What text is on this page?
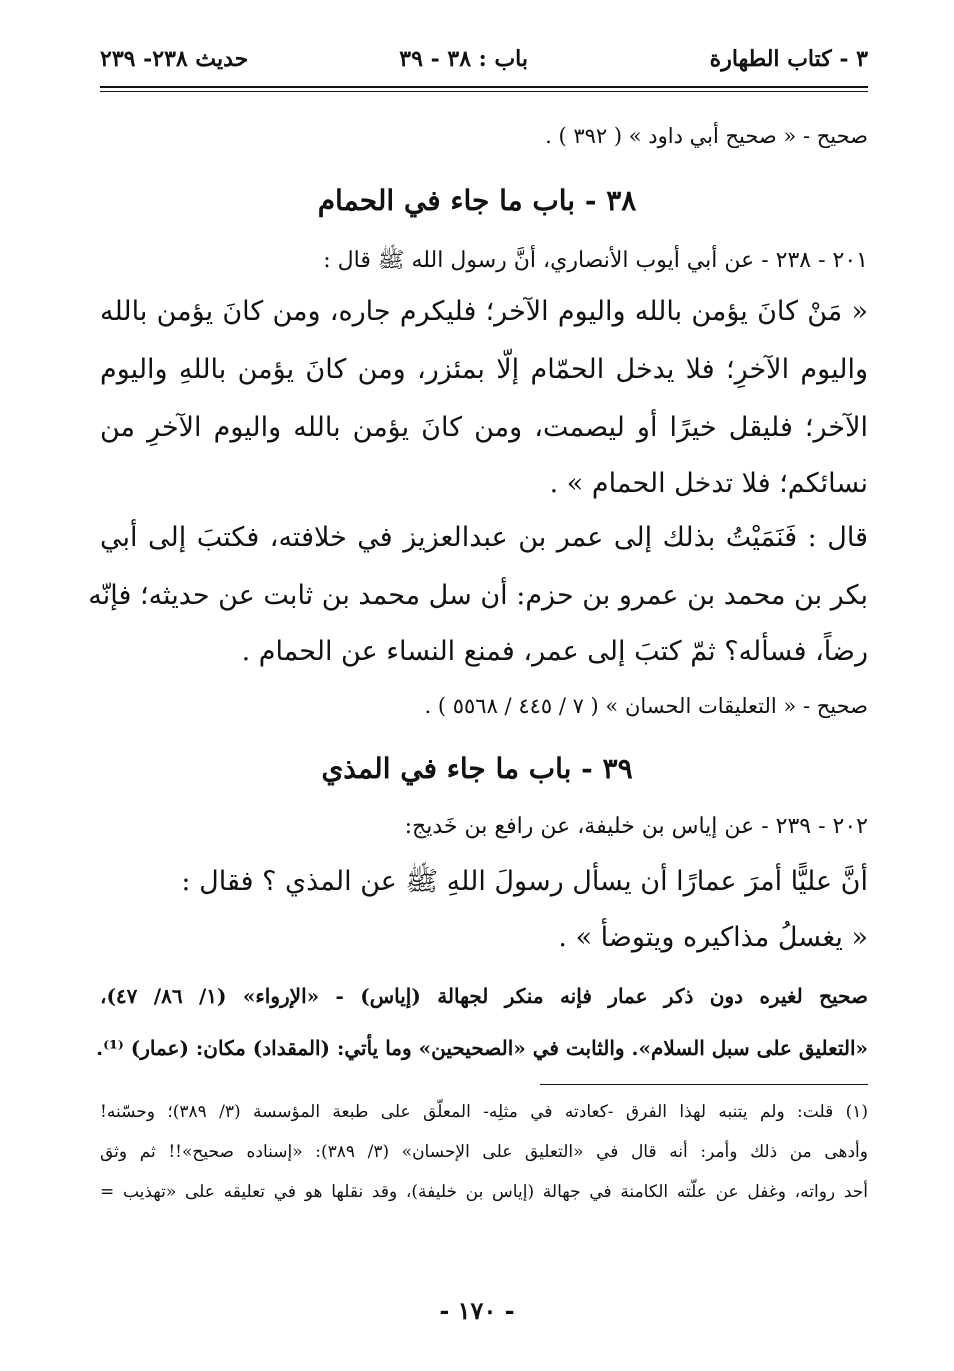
٣ - كتاب الطهارة
باب : ٣٨ - ٣٩
حديث ٢٣٨- ٢٣٩
صحيح - « صحيح أبي داود » ( ٣٩٢ ) .
٣٨ - باب ما جاء في الحمام
٢٠١ - ٢٣٨ - عن أبي أيوب الأنصاري، أنَّ رسول الله ﷺ قال :
« مَنْ كانَ يؤمن بالله واليوم الآخر؛ فليكرم جاره، ومن كانَ يؤمن بالله
واليوم الآخرِ؛ فلا يدخل الحمّام إلّا بمئزر، ومن كانَ يؤمن باللهِ واليوم
الآخر؛ فليقل خيرًا أو ليصمت، ومن كانَ يؤمن بالله واليوم الآخرِ من
نسائكم؛ فلا تدخل الحمام » .
قال : فَنَمَيْتُ بذلك إلى عمر بن عبدالعزيز في خلافته، فكتبَ إلى أبي
بكر بن محمد بن عمرو بن حزم: أن سل محمد بن ثابت عن حديثه؛ فإنّه
رضاً، فسأله؟ ثمّ كتبَ إلى عمر، فمنع النساء عن الحمام .
صحيح - « التعليقات الحسان » ( ٧ / ٤٤٥ / ٥٥٦٨ ) .
٣٩ - باب ما جاء في المذي
٢٠٢ - ٢٣٩ - عن إياس بن خليفة، عن رافع بن خَديج:
أنَّ عليًّا أمرَ عمارًا أن يسأل رسولَ اللهِ ﷺ عن المذي ؟ فقال :
« يغسلُ مذاكيره ويتوضأ » .
صحيح لغيره دون ذكر عمار فإنه منكر لجهالة (إياس) - «الإرواء» (١/ ٨٦/ ٤٧)،
«التعليق على سبل السلام». والثابت في «الصحيحين» وما يأتي: (المقداد) مكان: (عمار) ⁽¹⁾.
(١) قلت: ولم يتنبه لهذا الفرق -كعادته في مثلِه- المعلّق على طبعة المؤسسة (٣/ ٣٨٩)؛ وحسّنه!
وأدهى من ذلك وأمر: أنه قال في «التعليق على الإحسان» (٣/ ٣٨٩): «إسناده صحيح»!! ثم وثق
أحد رواته، وغفل عن علّته الكامنة في جهالة (إياس بن خليفة)، وقد نقلها هو في تعليقه على «تهذيب =
- ١٧٠ -
